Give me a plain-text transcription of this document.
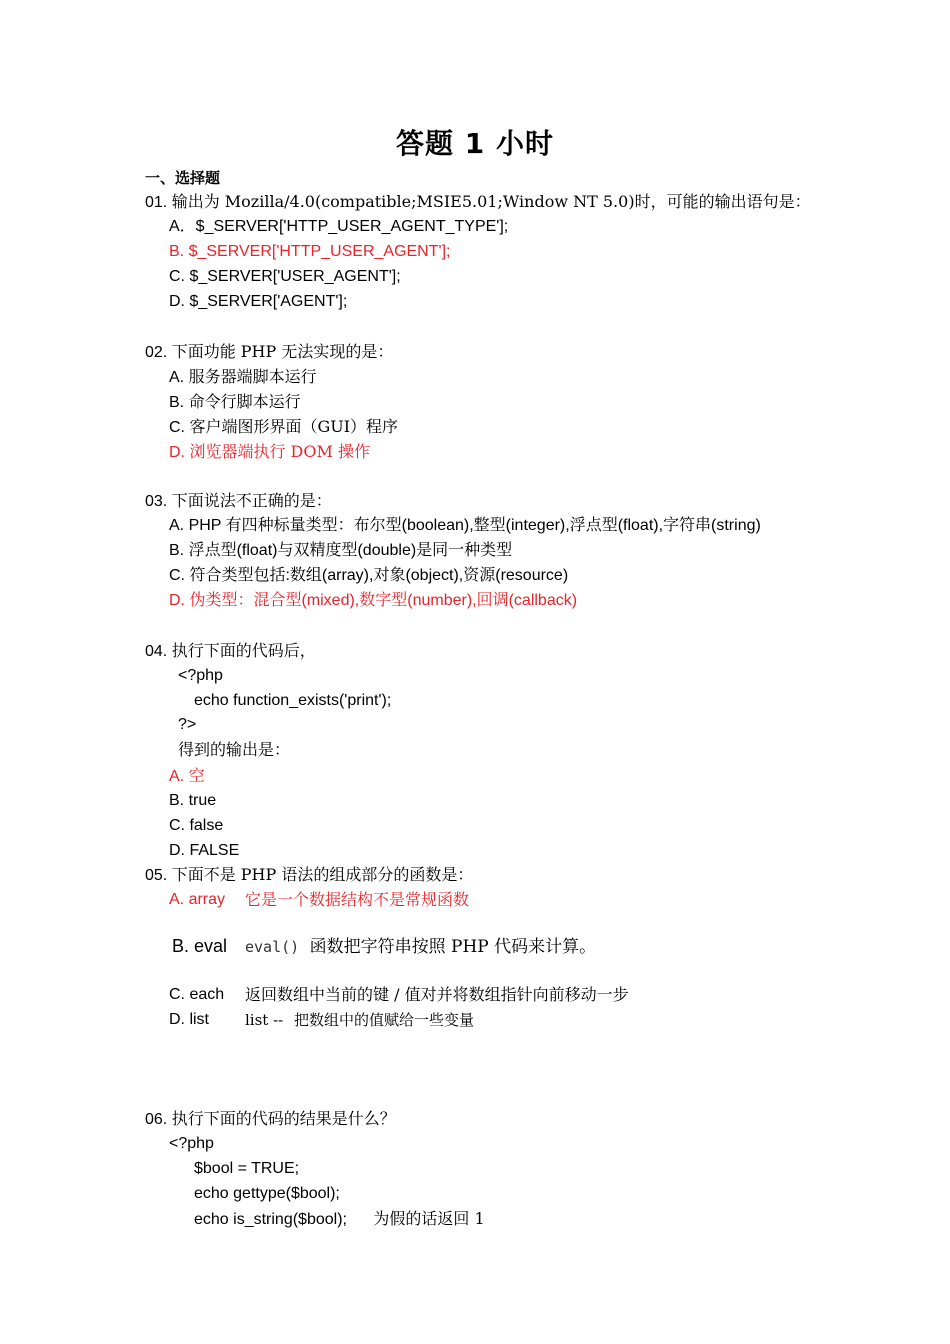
答题 1 小时
一、选择题
01. 输出为 Mozilla/4.0(compatible;MSIE5.01;Window NT 5.0)时，可能的输出语句是：
A．$_SERVER['HTTP_USER_AGENT_TYPE'];
B. $_SERVER['HTTP_USER_AGENT'];
C. $_SERVER['USER_AGENT'];
D. $_SERVER['AGENT'];
02. 下面功能 PHP 无法实现的是：
A. 服务器端脚本运行
B. 命令行脚本运行
C. 客户端图形界面（GUI）程序
D. 浏览器端执行 DOM 操作
03. 下面说法不正确的是：
A. PHP 有四种标量类型：布尔型(boolean),整型(integer),浮点型(float),字符串(string)
B. 浮点型(float)与双精度型(double)是同一种类型
C. 符合类型包括:数组(array),对象(object),资源(resource)
D. 伪类型：混合型(mixed),数字型(number),回调(callback)
04. 执行下面的代码后，
<?php
echo function_exists('print');
?>
得到的输出是：
A. 空
B. true
C. false
D. FALSE
05. 下面不是 PHP 语法的组成部分的函数是：
A. array 它是一个数据结构不是常规函数
B. eval eval() 函数把字符串按照 PHP 代码来计算。
C. each 返回数组中当前的键 / 值对并将数组指针向前移动一步
D. list list -- 把数组中的值赋给一些变量
06. 执行下面的代码的结果是什么？
<?php
$bool = TRUE;
echo gettype($bool);
echo is_string($bool); 为假的话返回 1
